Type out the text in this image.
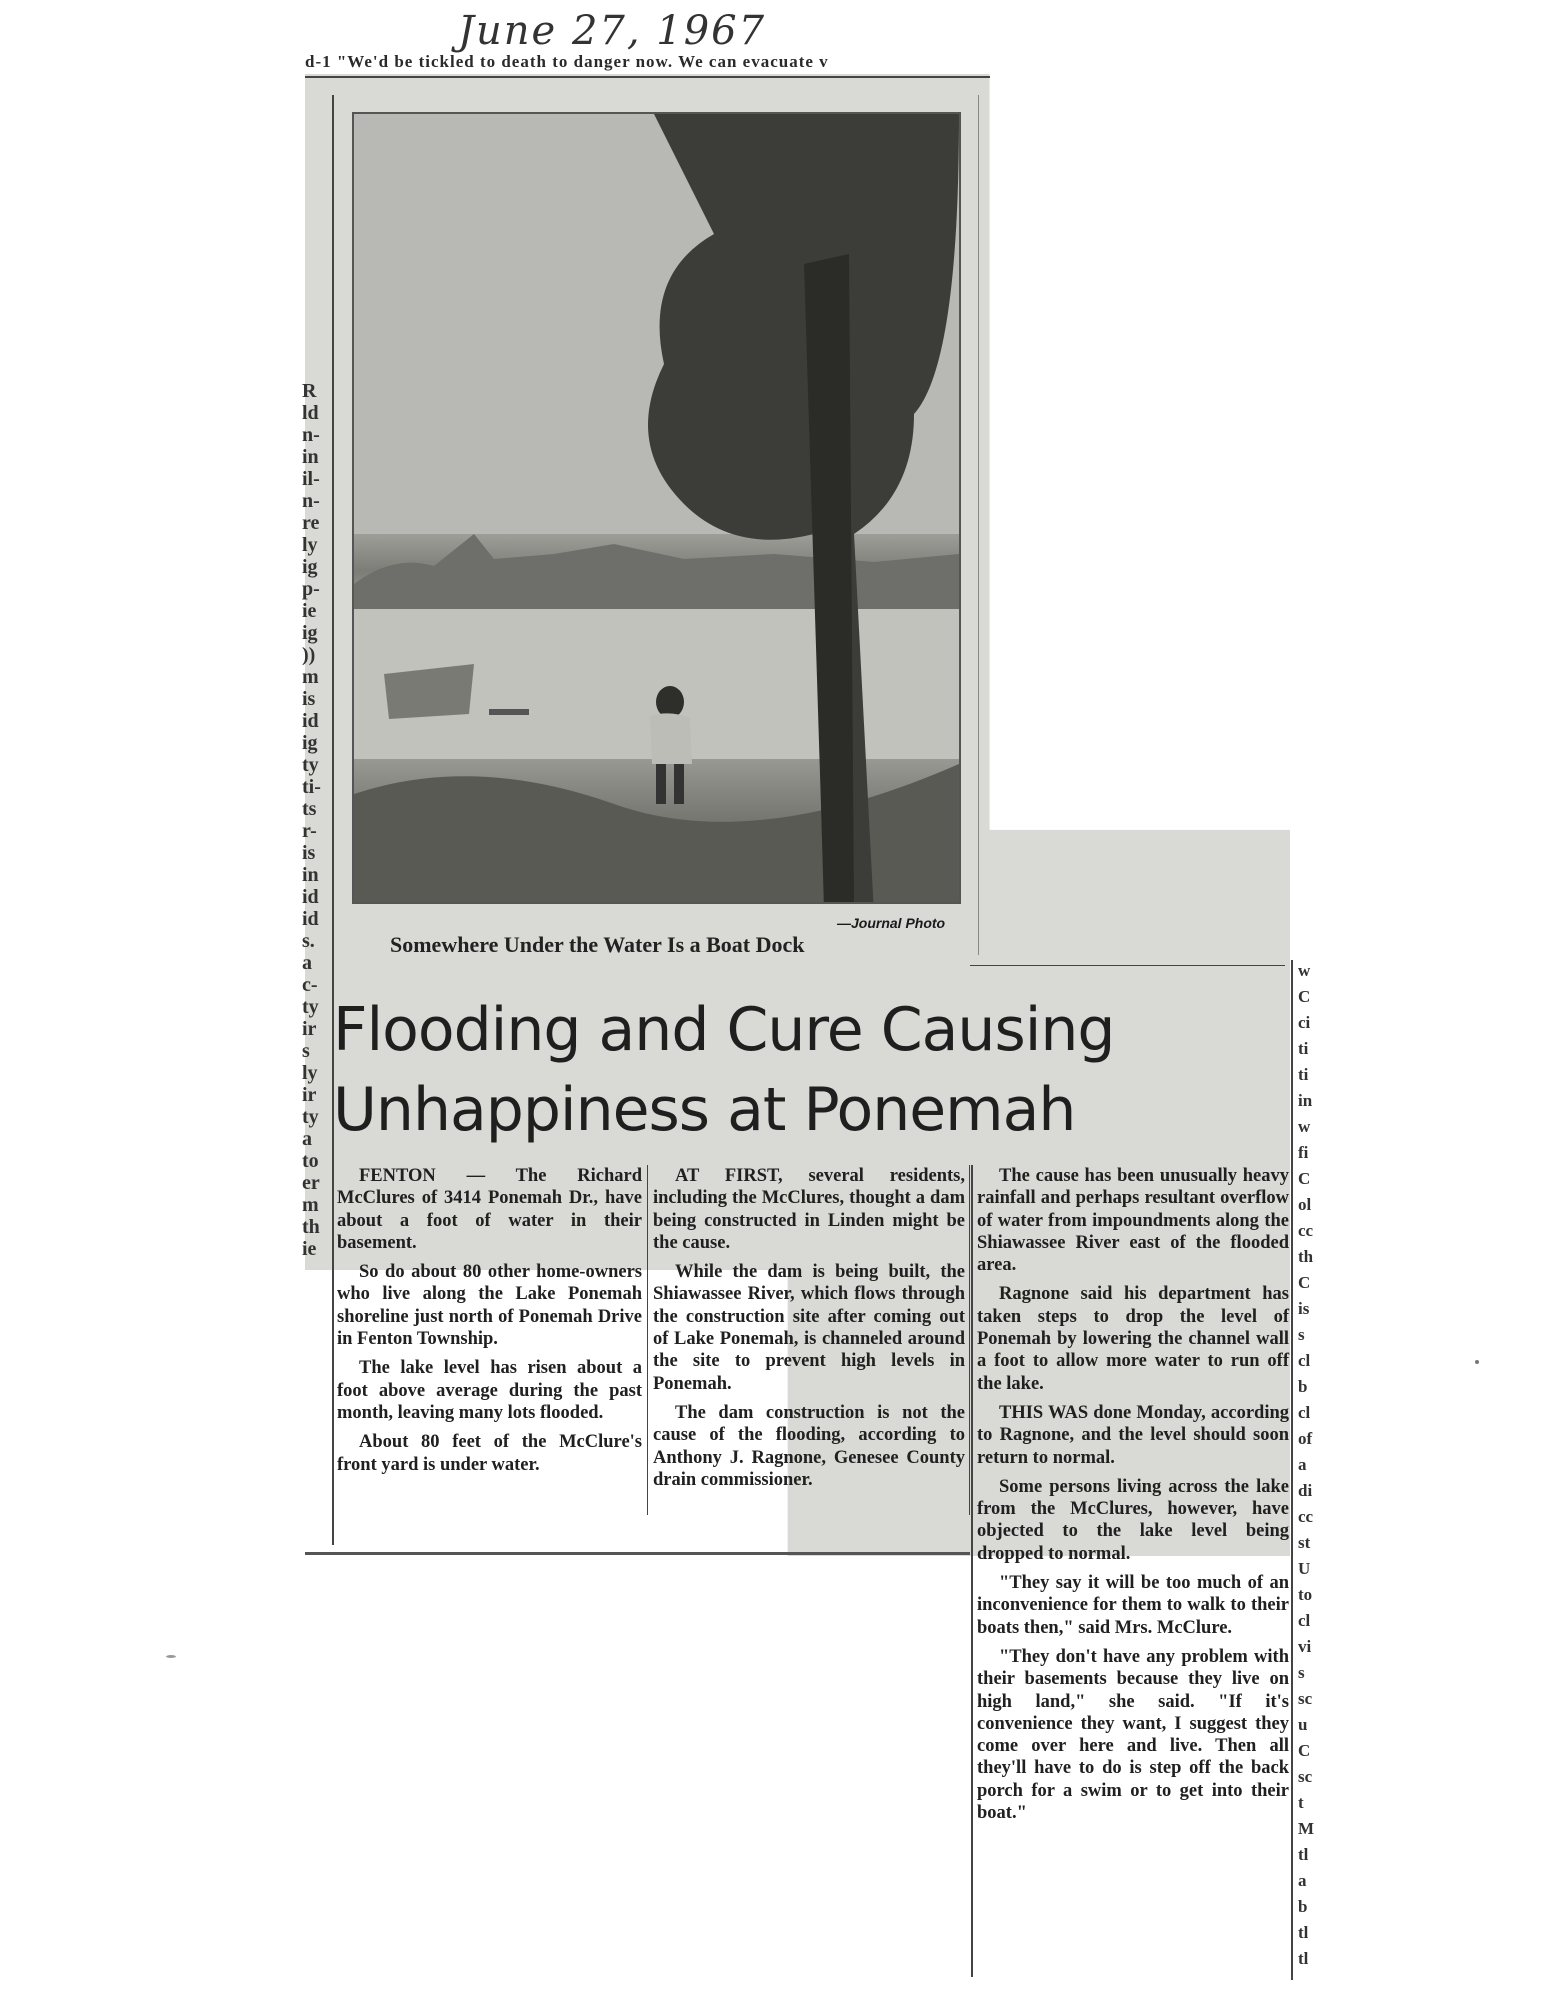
June 27, 1967
d-1 "We'd be tickled to death to danger now. We can evacuate v
R
ld
n-
in
il-
n-
re
ly
ig
p-
ie
ig
))
m
is
id
ig
ty
ti-
ts
r-
is
in
id
id
s.
a
c-
ty
ir
s
ly
ir
ty
a
to
er
m
th
ie
w
C
ci
ti
ti
in
w
fi
C
ol
cc
th
C
is
s
cl
b
cl
of
a
di
cc
st
U
to
cl
vi
s
sc
u
C
sc
t
M
tl
a
b
tl
tl
—Journal Photo
Somewhere Under the Water Is a Boat Dock
Flooding and Cure Causing
Unhappiness at Ponemah

FENTON — The Richard McClures of 3414 Ponemah Dr., have about a foot of water in their basement.

So do about 80 other home-owners who live along the Lake Ponemah shoreline just north of Ponemah Drive in Fenton Township.

The lake level has risen about a foot above average during the past month, leaving many lots flooded.

About 80 feet of the McClure's front yard is under water.

AT FIRST, several residents, including the McClures, thought a dam being constructed in Linden might be the cause.

While the dam is being built, the Shiawassee River, which flows through the construction site after coming out of Lake Ponemah, is channeled around the site to prevent high levels in Ponemah.

The dam construction is not the cause of the flooding, according to Anthony J. Ragnone, Genesee County drain commissioner.

The cause has been unusually heavy rainfall and perhaps resultant overflow of water from impoundments along the Shiawassee River east of the flooded area.

Ragnone said his department has taken steps to drop the level of Ponemah by lowering the channel wall a foot to allow more water to run off the lake.

THIS WAS done Monday, according to Ragnone, and the level should soon return to normal.

Some persons living across the lake from the McClures, however, have objected to the lake level being dropped to normal.

"They say it will be too much of an inconvenience for them to walk to their boats then," said Mrs. McClure.

"They don't have any problem with their basements because they live on high land," she said. "If it's convenience they want, I suggest they come over here and live. Then all they'll have to do is step off the back porch for a swim or to get into their boat."
